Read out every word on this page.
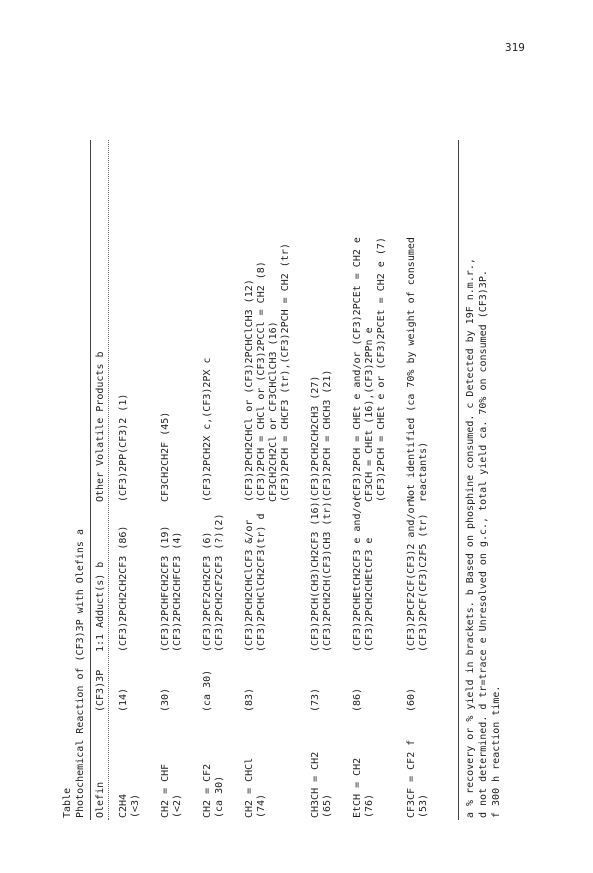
319
Table Photochemical Reaction of (CF3)3P with Olefins a Olefin
(CF3)3P
1:1 Adduct(s) b
Other Volatile Products b
C2H4 (<3)
(14)
(CF3)2PCH2CH2CF3 (86)
(CF3)2PP(CF3)2 (1)
CH2 = CHF (<2)
(30)
(CF3)2PCHFCH2CF3 (19) (CF3)2PCH2CHFCF3 (4)
CF3CH2CH2F (45)
CH2 = CF2 (ca 30)
(ca 30)
(CF3)2PCF2CH2CF3 (6) (CF3)2PCH2CF2CF3 (?)(2)
(CF3)2PCH2X c,(CF3)2PX c
CH2 = CHCl (74)
(83)
(CF3)2PCH2CHClCF3 &/or (CF3)2PCHClCH2CF3(tr) d
(CF3)2PCH2CHCl or (CF3)2PCHClCH3 (12) (CF3)2PCH = CHCl or (CF3)2PCCl = CH2 (8) CF3CH2CH2Cl or CF3CHClCH3 (16) (CF3)2PCH = CHCF3 (tr),(CF3)2PCH = CH2 (tr)
CH3CH = CH2 (65)
(73)
(CF3)2PCH(CH3)CH2CF3 (16) (CF3)2PCH2CH(CF3)CH3 (tr)
(CF3)2PCH2CH2CH3 (27) (CF3)2PCH = CHCH3 (21)
EtCH = CH2 (76)
(86)
(CF3)2PCHEtCH2CF3 e and/or (CF3)2PCH2CHEtCF3 e
(CF3)2PCH = CHEt e and/or (CF3)2PCEt = CH2 e CF3CH = CHEt (16),(CF3)2PPn e (CF3)2PCH = CHEt e or (CF3)2PCEt = CH2 e (7)
CF3CF = CF2 f (53)
(60)
(CF3)2PCF2CF(CF3)2 and/or (CF3)2PCF(CF3)C2F5 (tr)
Not identified (ca 70% by weight of consumed reactants)	a % recovery or % yield in brackets. b Based on phosphine consumed. c Detected by 19F n.m.r., d not determined. d tr=trace e Unresolved on g.c., total yield ca. 70% on consumed (CF3)3P. f 300 h reaction time.
